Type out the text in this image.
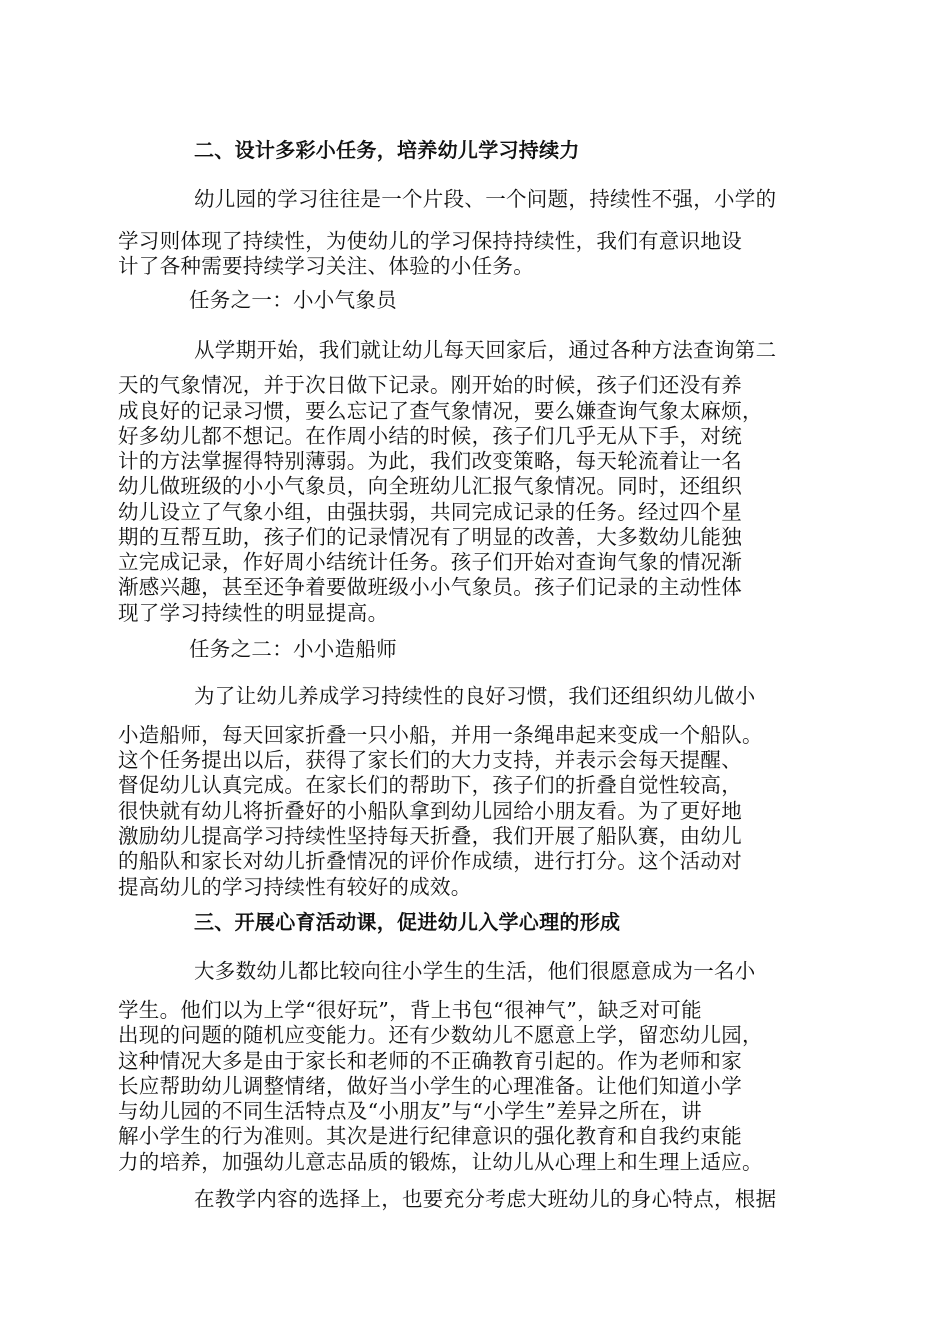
二、设计多彩小任务，培养幼儿学习持续力
幼儿园的学习往往是一个片段、一个问题，持续性不强，小学的
学习则体现了持续性，为使幼儿的学习保持持续性，我们有意识地设
计了各种需要持续学习关注、体验的小任务。
任务之一：小小气象员
从学期开始，我们就让幼儿每天回家后，通过各种方法查询第二
天的气象情况，并于次日做下记录。刚开始的时候，孩子们还没有养
成良好的记录习惯，要么忘记了查气象情况，要么嫌查询气象太麻烦，
好多幼儿都不想记。在作周小结的时候，孩子们几乎无从下手，对统
计的方法掌握得特别薄弱。为此，我们改变策略，每天轮流着让一名
幼儿做班级的小小气象员，向全班幼儿汇报气象情况。同时，还组织
幼儿设立了气象小组，由强扶弱，共同完成记录的任务。经过四个星
期的互帮互助，孩子们的记录情况有了明显的改善，大多数幼儿能独
立完成记录，作好周小结统计任务。孩子们开始对查询气象的情况渐
渐感兴趣，甚至还争着要做班级小小气象员。孩子们记录的主动性体
现了学习持续性的明显提高。
任务之二：小小造船师
为了让幼儿养成学习持续性的良好习惯，我们还组织幼儿做小
小造船师，每天回家折叠一只小船，并用一条绳串起来变成一个船队。
这个任务提出以后，获得了家长们的大力支持，并表示会每天提醒、
督促幼儿认真完成。在家长们的帮助下，孩子们的折叠自觉性较高，
很快就有幼儿将折叠好的小船队拿到幼儿园给小朋友看。为了更好地
激励幼儿提高学习持续性坚持每天折叠，我们开展了船队赛，由幼儿
的船队和家长对幼儿折叠情况的评价作成绩，进行打分。这个活动对
提高幼儿的学习持续性有较好的成效。
三、开展心育活动课，促进幼儿入学心理的形成
大多数幼儿都比较向往小学生的生活，他们很愿意成为一名小
学生。他们以为上学“很好玩”，背上书包“很神气”，缺乏对可能
出现的问题的随机应变能力。还有少数幼儿不愿意上学，留恋幼儿园，
这种情况大多是由于家长和老师的不正确教育引起的。作为老师和家
长应帮助幼儿调整情绪，做好当小学生的心理准备。让他们知道小学
与幼儿园的不同生活特点及“小朋友”与“小学生”差异之所在，讲
解小学生的行为准则。其次是进行纪律意识的强化教育和自我约束能
力的培养，加强幼儿意志品质的锻炼，让幼儿从心理上和生理上适应。
在教学内容的选择上，也要充分考虑大班幼儿的身心特点，根据
